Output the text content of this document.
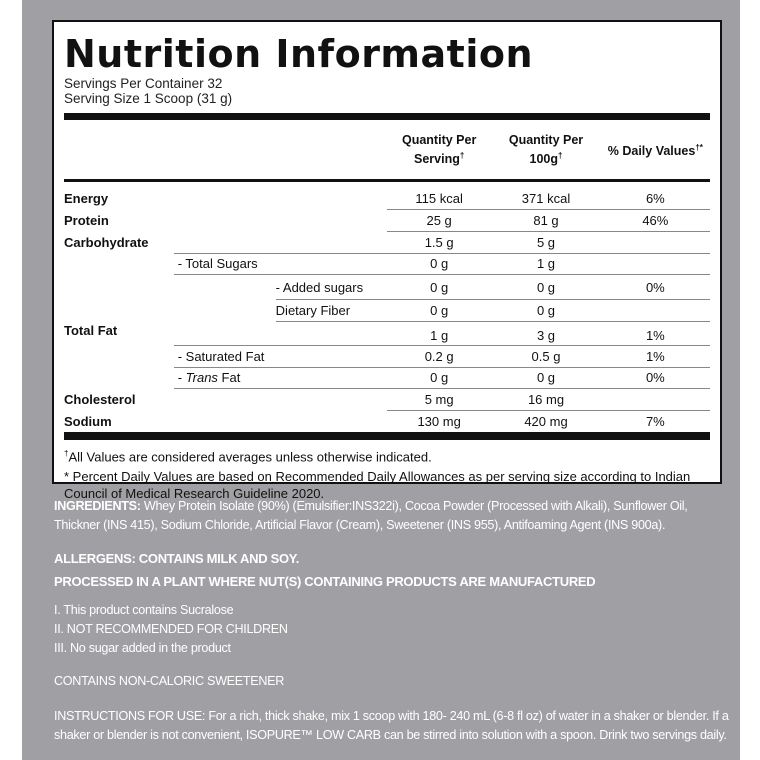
Nutrition Information
Servings Per Container 32
Serving Size 1 Scoop (31 g)
			Quantity Per Serving†	Quantity Per 100g†	% Daily Values†*

Energy			115 kcal	371 kcal	6%
Protein			25 g	81 g	46%
Carbohydrate			1.5 g	5 g	
	- Total Sugars		0 g	1 g	
		- Added sugars	0 g	0 g	0%
		Dietary Fiber	0 g	0 g	
Total Fat			1 g	3 g	1%
	- Saturated Fat		0.2 g	0.5 g	1%
	- Trans Fat		0 g	0 g	0%
Cholesterol			5 mg	16 mg	
Sodium			130 mg	420 mg	7%
†All Values are considered averages unless otherwise indicated.
* Percent Daily Values are based on Recommended Daily Allowances as per serving size according to Indian Council of Medical Research Guideline 2020.
INGREDIENTS: Whey Protein Isolate (90%) (Emulsifier:INS322i), Cocoa Powder (Processed with Alkali), Sunflower Oil, Thickner (INS 415), Sodium Chloride, Artificial Flavor (Cream), Sweetener (INS 955), Antifoaming Agent (INS 900a).
ALLERGENS: CONTAINS MILK AND SOY.
PROCESSED IN A PLANT WHERE NUT(S) CONTAINING PRODUCTS ARE MANUFACTURED
I. This product contains Sucralose
II. NOT RECOMMENDED FOR CHILDREN
III. No sugar added in the product
CONTAINS NON-CALORIC SWEETENER
INSTRUCTIONS FOR USE: For a rich, thick shake, mix 1 scoop with 180- 240 mL (6-8 fl oz) of water in a shaker or blender. If a shaker or blender is not convenient, ISOPURE™ LOW CARB can be stirred into solution with a spoon. Drink two servings daily.
